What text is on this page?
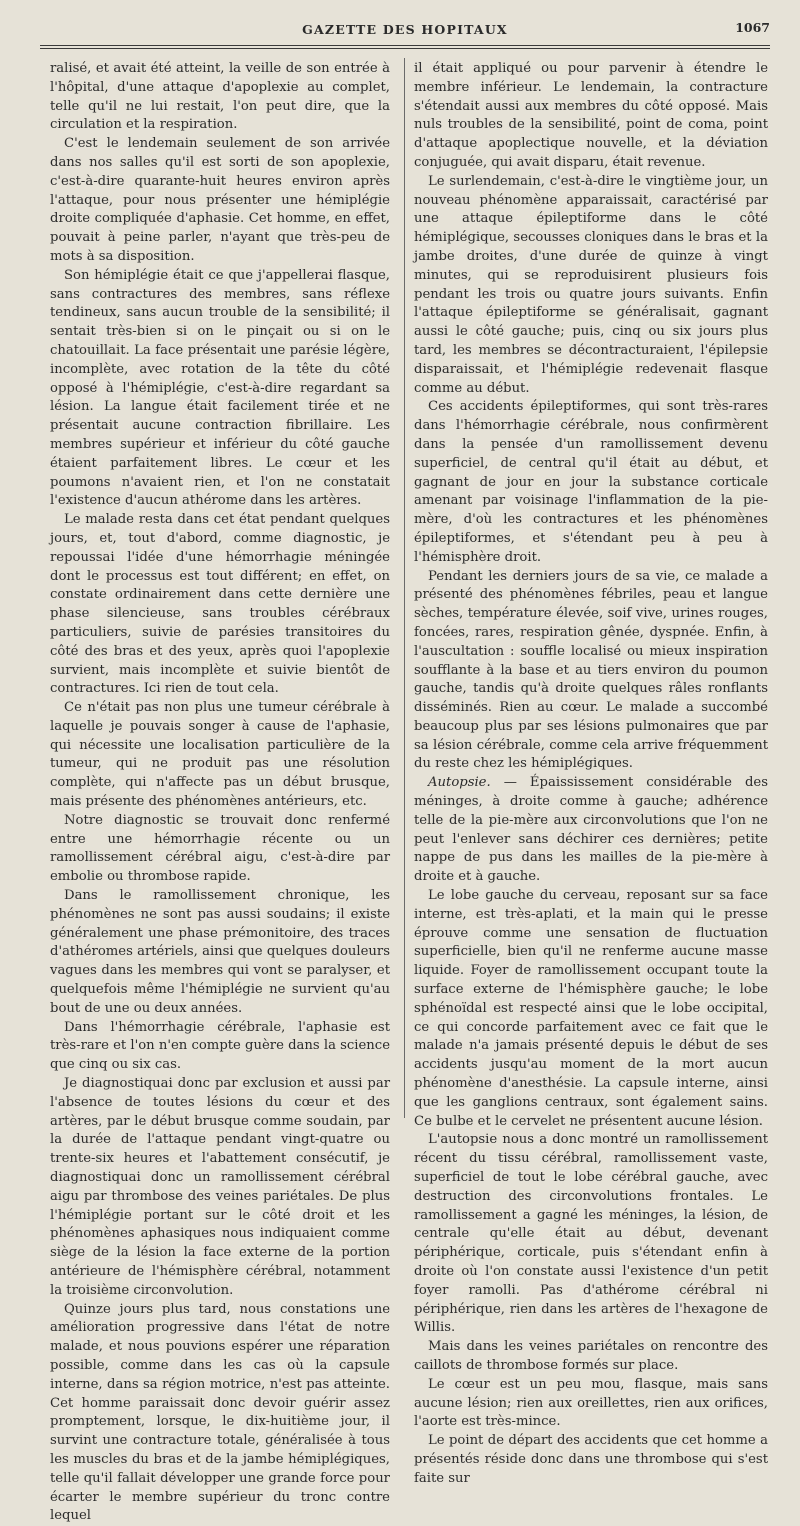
GAZETTE DES HOPITAUX	1067

ralisé, et avait été atteint, la veille de son entrée à l'hôpital, d'une attaque d'apoplexie au complet, telle qu'il ne lui restait, l'on peut dire, que la circulation et la respiration.

C'est le lendemain seulement de son arrivée dans nos salles qu'il est sorti de son apoplexie, c'est-à-dire quarante-huit heures environ après l'attaque, pour nous présenter une hémiplégie droite compliquée d'aphasie. Cet homme, en effet, pouvait à peine parler, n'ayant que très-peu de mots à sa disposition.

Son hémiplégie était ce que j'appellerai flasque, sans contractures des membres, sans réflexe tendineux, sans aucun trouble de la sensibilité; il sentait très-bien si on le pinçait ou si on le chatouillait. La face présentait une parésie légère, incomplète, avec rotation de la tête du côté opposé à l'hémiplégie, c'est-à-dire regardant sa lésion. La langue était facilement tirée et ne présentait aucune contraction fibrillaire. Les membres supérieur et inférieur du côté gauche étaient parfaitement libres. Le cœur et les poumons n'avaient rien, et l'on ne constatait l'existence d'aucun athérome dans les artères.

Le malade resta dans cet état pendant quelques jours, et, tout d'abord, comme diagnostic, je repoussai l'idée d'une hémorrhagie méningée dont le processus est tout différent; en effet, on constate ordinairement dans cette dernière une phase silencieuse, sans troubles cérébraux particuliers, suivie de parésies transitoires du côté des bras et des yeux, après quoi l'apoplexie survient, mais incomplète et suivie bientôt de contractures. Ici rien de tout cela.

Ce n'était pas non plus une tumeur cérébrale à laquelle je pouvais songer à cause de l'aphasie, qui nécessite une localisation particulière de la tumeur, qui ne produit pas une résolution complète, qui n'affecte pas un début brusque, mais présente des phénomènes antérieurs, etc.

Notre diagnostic se trouvait donc renfermé entre une hémorrhagie récente ou un ramollissement cérébral aigu, c'est-à-dire par embolie ou thrombose rapide.

Dans le ramollissement chronique, les phénomènes ne sont pas aussi soudains; il existe généralement une phase prémonitoire, des traces d'athéromes artériels, ainsi que quelques douleurs vagues dans les membres qui vont se paralyser, et quelquefois même l'hémiplégie ne survient qu'au bout de une ou deux années.

Dans l'hémorrhagie cérébrale, l'aphasie est très-rare et l'on n'en compte guère dans la science que cinq ou six cas.

Je diagnostiquai donc par exclusion et aussi par l'absence de toutes lésions du cœur et des artères, par le début brusque comme soudain, par la durée de l'attaque pendant vingt-quatre ou trente-six heures et l'abattement consécutif, je diagnostiquai donc un ramollissement cérébral aigu par thrombose des veines pariétales. De plus l'hémiplégie portant sur le côté droit et les phénomènes aphasiques nous indiquaient comme siège de la lésion la face externe de la portion antérieure de l'hémisphère cérébral, notamment la troisième circonvolution.

Quinze jours plus tard, nous constations une amélioration progressive dans l'état de notre malade, et nous pouvions espérer une réparation possible, comme dans les cas où la capsule interne, dans sa région motrice, n'est pas atteinte. Cet homme paraissait donc devoir guérir assez promptement, lorsque, le dix-huitième jour, il survint une contracture totale, généralisée à tous les muscles du bras et de la jambe hémiplégiques, telle qu'il fallait développer une grande force pour écarter le membre supérieur du tronc contre lequel

il était appliqué ou pour parvenir à étendre le membre inférieur. Le lendemain, la contracture s'étendait aussi aux membres du côté opposé. Mais nuls troubles de la sensibilité, point de coma, point d'attaque apoplectique nouvelle, et la déviation conjuguée, qui avait disparu, était revenue.

Le surlendemain, c'est-à-dire le vingtième jour, un nouveau phénomène apparaissait, caractérisé par une attaque épileptiforme dans le côté hémiplégique, secousses cloniques dans le bras et la jambe droites, d'une durée de quinze à vingt minutes, qui se reproduisirent plusieurs fois pendant les trois ou quatre jours suivants. Enfin l'attaque épileptiforme se généralisait, gagnant aussi le côté gauche; puis, cinq ou six jours plus tard, les membres se décontracturaient, l'épilepsie disparaissait, et l'hémiplégie redevenait flasque comme au début.

Ces accidents épileptiformes, qui sont très-rares dans l'hémorrhagie cérébrale, nous confirmèrent dans la pensée d'un ramollissement devenu superficiel, de central qu'il était au début, et gagnant de jour en jour la substance corticale amenant par voisinage l'inflammation de la pie-mère, d'où les contractures et les phénomènes épileptiformes, et s'étendant peu à peu à l'hémisphère droit.

Pendant les derniers jours de sa vie, ce malade a présenté des phénomènes fébriles, peau et langue sèches, température élevée, soif vive, urines rouges, foncées, rares, respiration gênée, dyspnée. Enfin, à l'auscultation : souffle localisé ou mieux inspiration soufflante à la base et au tiers environ du poumon gauche, tandis qu'à droite quelques râles ronflants disséminés. Rien au cœur. Le malade a succombé beaucoup plus par ses lésions pulmonaires que par sa lésion cérébrale, comme cela arrive fréquemment du reste chez les hémiplégiques.

Autopsie. — Épaississement considérable des méninges, à droite comme à gauche; adhérence telle de la pie-mère aux circonvolutions que l'on ne peut l'enlever sans déchirer ces dernières; petite nappe de pus dans les mailles de la pie-mère à droite et à gauche.

Le lobe gauche du cerveau, reposant sur sa face interne, est très-aplati, et la main qui le presse éprouve comme une sensation de fluctuation superficielle, bien qu'il ne renferme aucune masse liquide. Foyer de ramollissement occupant toute la surface externe de l'hémisphère gauche; le lobe sphénoïdal est respecté ainsi que le lobe occipital, ce qui concorde parfaitement avec ce fait que le malade n'a jamais présenté depuis le début de ses accidents jusqu'au moment de la mort aucun phénomène d'anesthésie. La capsule interne, ainsi que les ganglions centraux, sont également sains. Ce bulbe et le cervelet ne présentent aucune lésion.

L'autopsie nous a donc montré un ramollissement récent du tissu cérébral, ramollissement vaste, superficiel de tout le lobe cérébral gauche, avec destruction des circonvolutions frontales. Le ramollissement a gagné les méninges, la lésion, de centrale qu'elle était au début, devenant périphérique, corticale, puis s'étendant enfin à droite où l'on constate aussi l'existence d'un petit foyer ramolli. Pas d'athérome cérébral ni périphérique, rien dans les artères de l'hexagone de Willis.

Mais dans les veines pariétales on rencontre des caillots de thrombose formés sur place.

Le cœur est un peu mou, flasque, mais sans aucune lésion; rien aux oreillettes, rien aux orifices, l'aorte est très-mince.

Le point de départ des accidents que cet homme a présentés réside donc dans une thrombose qui s'est faite sur
